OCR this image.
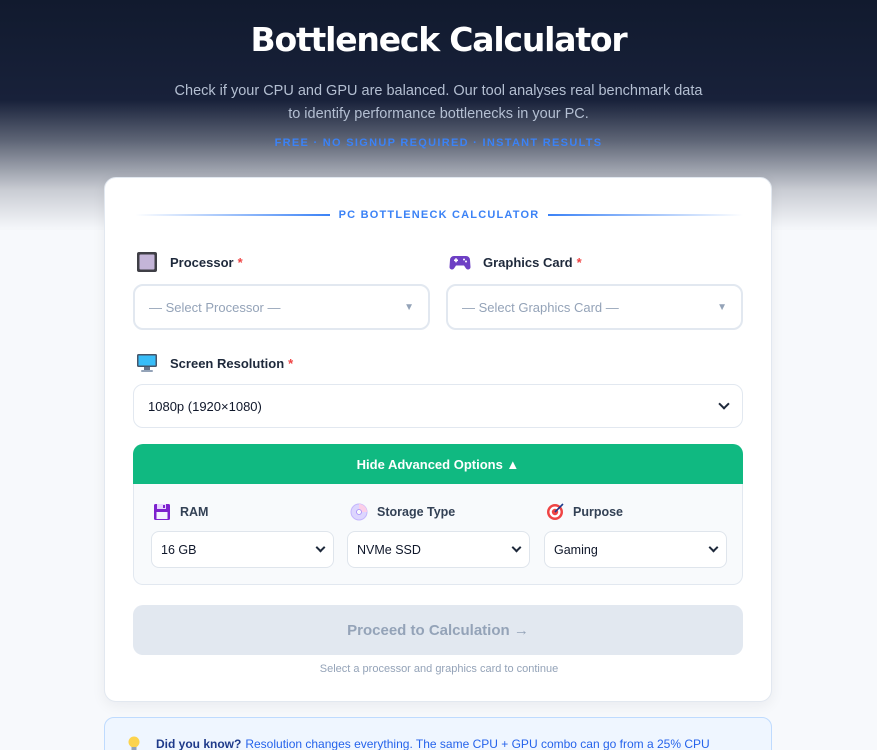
Bottleneck Calculator
Check if your CPU and GPU are balanced. Our tool analyses real benchmark data
to identify performance bottlenecks in your PC.
FREE · NO SIGNUP REQUIRED · INSTANT RESULTS
PC BOTTLENECK CALCULATOR
Processor *
— Select Processor —	▼
Graphics Card *
— Select Graphics Card —	▼
Screen Resolution *
1080p (1920×1080)
Hide Advanced Options ▲
RAM
16 GB
Storage Type
NVMe SSD
Purpose
Gaming
Proceed to Calculation →
Select a processor and graphics card to continue
Did you know? Resolution changes everything. The same CPU + GPU combo can go from a 25% CPU
